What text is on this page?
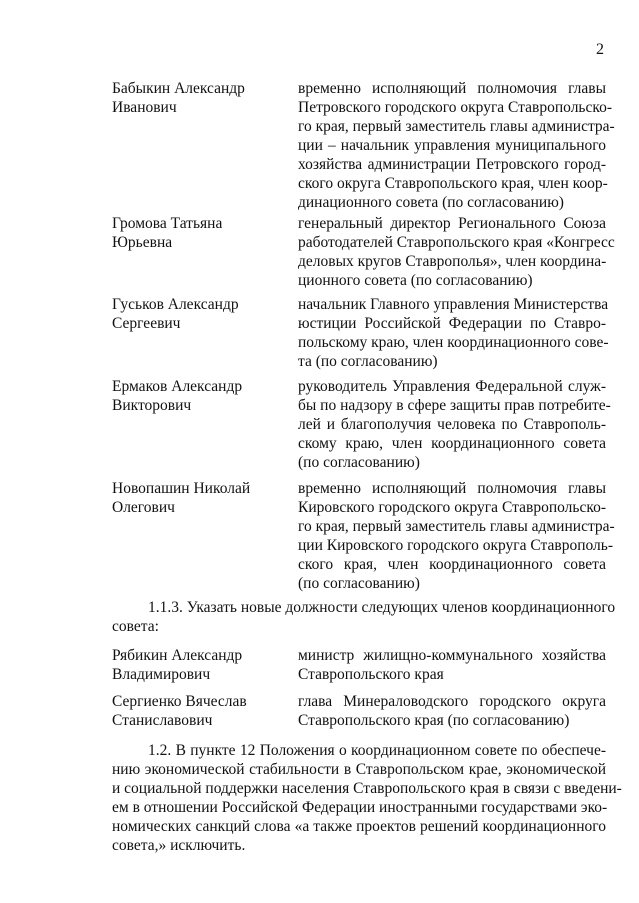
2
Бабыкин Александр
Иванович
временно исполняющий полномочия главы
Петровского городского округа Ставропольско-
го края, первый заместитель главы администра-
ции – начальник управления муниципального
хозяйства администрации Петровского город-
ского округа Ставропольского края, член коор-
динационного совета (по согласованию)
Громова Татьяна
Юрьевна
генеральный директор Регионального Союза
работодателей Ставропольского края «Конгресс
деловых кругов Ставрополья», член координа-
ционного совета (по согласованию)
Гуськов Александр
Сергеевич
начальник Главного управления Министерства
юстиции Российской Федерации по Ставро-
польскому краю, член координационного сове-
та (по согласованию)
Ермаков Александр
Викторович
руководитель Управления Федеральной служ-
бы по надзору в сфере защиты прав потребите-
лей и благополучия человека по Ставрополь-
скому краю, член координационного совета
(по согласованию)
Новопашин Николай
Олегович
временно исполняющий полномочия главы
Кировского городского округа Ставропольско-
го края, первый заместитель главы администра-
ции Кировского городского округа Ставрополь-
ского края, член координационного совета
(по согласованию)
1.1.3. Указать новые должности следующих членов координационного
совета:
Рябикин Александр
Владимирович
министр жилищно-коммунального хозяйства
Ставропольского края
Сергиенко Вячеслав
Станиславович
глава Минераловодского городского округа
Ставропольского края (по согласованию)
1.2. В пункте 12 Положения о координационном совете по обеспече-
нию экономической стабильности в Ставропольском крае, экономической
и социальной поддержки населения Ставропольского края в связи с введени-
ем в отношении Российской Федерации иностранными государствами эко-
номических санкций слова «а также проектов решений координационного
совета,» исключить.
